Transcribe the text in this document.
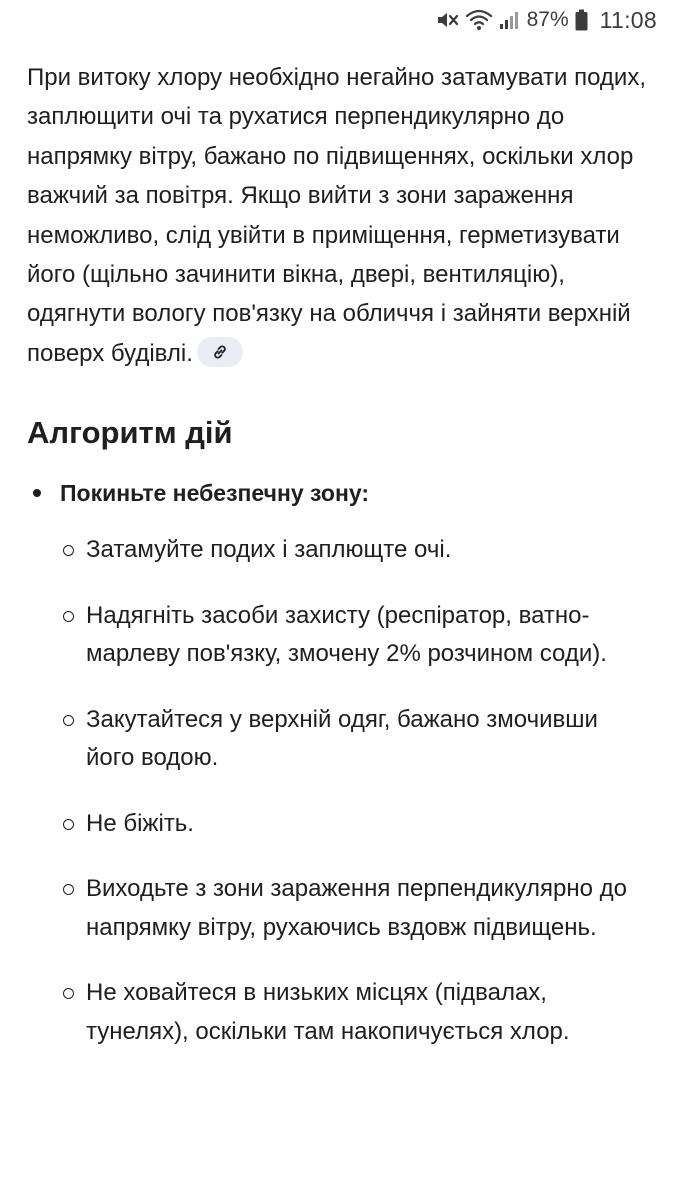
87% 11:08

При витоку хлору необхідно негайно затамувати подих, заплющити очі та рухатися перпендикулярно до напрямку вітру, бажано по підвищеннях, оскільки хлор важчий за повітря. Якщо вийти з зони зараження неможливо, слід увійти в приміщення, герметизувати його (щільно зачинити вікна, двері, вентиляцію), одягнути вологу пов'язку на обличчя і зайняти верхній поверх будівлі.

Алгоритм дій
Покиньте небезпечну зону:
Затамуйте подих і заплющте очі.
Надягніть засоби захисту (респіратор, ватно-марлеву пов'язку, змочену 2% розчином соди).
Закутайтеся у верхній одяг, бажано змочивши його водою.
Не біжіть.
Виходьте з зони зараження перпендикулярно до напрямку вітру, рухаючись вздовж підвищень.
Не ховайтеся в низьких місцях (підвалах, тунелях), оскільки там накопичується хлор.
